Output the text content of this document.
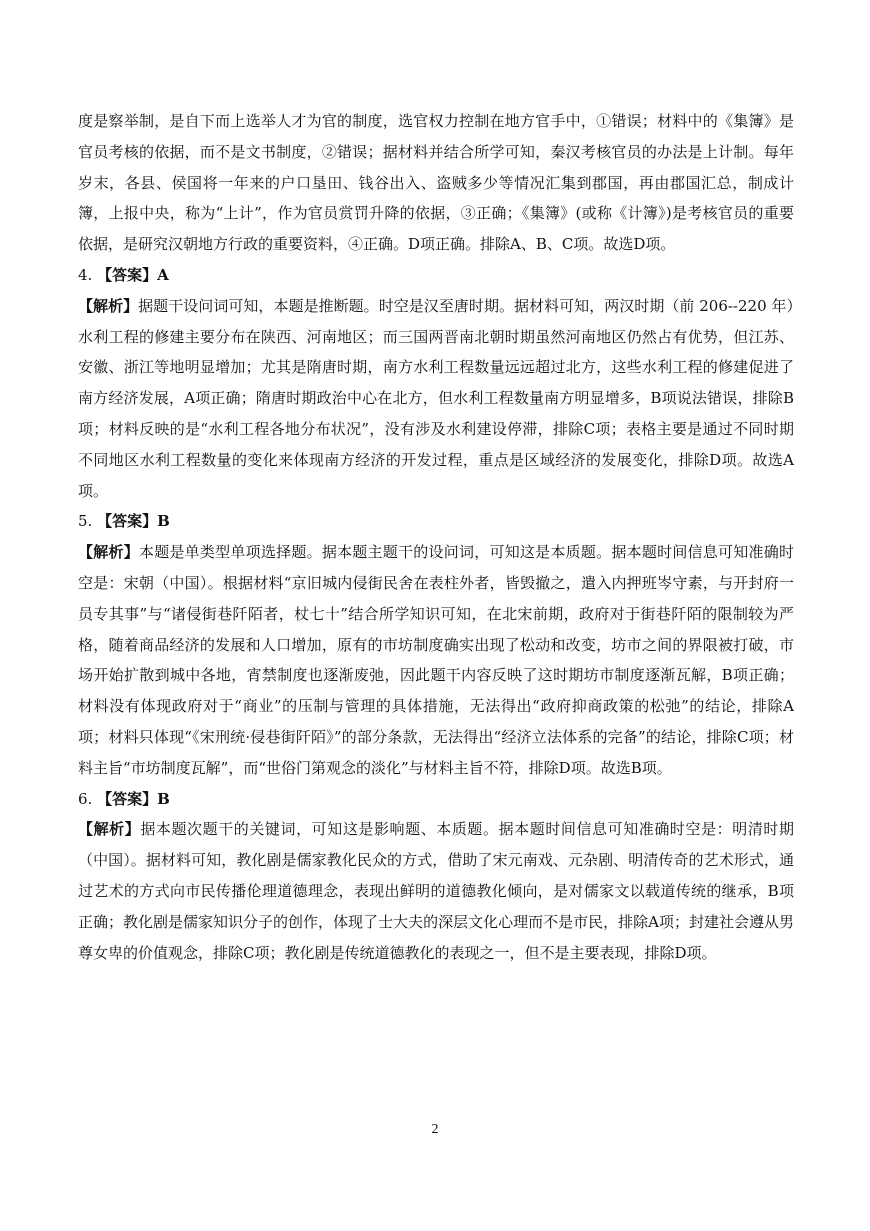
度是察举制，是自下而上选举人才为官的制度，选官权力控制在地方官手中，①错误；材料中的《集簿》是官员考核的依据，而不是文书制度，②错误；据材料并结合所学可知，秦汉考核官员的办法是上计制。每年岁末，各县、侯国将一年来的户口垦田、钱谷出入、盗贼多少等情况汇集到郡国，再由郡国汇总，制成计簿，上报中央，称为“上计”，作为官员赏罚升降的依据，③正确；《集簿》(或称《计簿》)是考核官员的重要依据，是研究汉朝地方行政的重要资料，④正确。D项正确。排除A、B、C项。故选D项。

4. 【答案】A

【解析】据题干设问词可知，本题是推断题。时空是汉至唐时期。据材料可知，两汉时期（前 206--220 年）水利工程的修建主要分布在陕西、河南地区；而三国两晋南北朝时期虽然河南地区仍然占有优势，但江苏、安徽、浙江等地明显增加；尤其是隋唐时期，南方水利工程数量远远超过北方，这些水利工程的修建促进了南方经济发展，A项正确；隋唐时期政治中心在北方，但水利工程数量南方明显增多，B项说法错误，排除B项；材料反映的是“水利工程各地分布状况”，没有涉及水利建设停滞，排除C项；表格主要是通过不同时期不同地区水利工程数量的变化来体现南方经济的开发过程，重点是区域经济的发展变化，排除D项。故选A项。

5. 【答案】B

【解析】本题是单类型单项选择题。据本题主题干的设问词，可知这是本质题。据本题时间信息可知准确时空是：宋朝（中国）。根据材料“京旧城内侵街民舍在表柱外者，皆毁撤之，遣入内押班岑守素，与开封府一员专其事”与“诸侵街巷阡陌者，杖七十”结合所学知识可知，在北宋前期，政府对于街巷阡陌的限制较为严格，随着商品经济的发展和人口增加，原有的市坊制度确实出现了松动和改变，坊市之间的界限被打破，市场开始扩散到城中各地，宵禁制度也逐渐废弛，因此题干内容反映了这时期坊市制度逐渐瓦解，B项正确；材料没有体现政府对于“商业”的压制与管理的具体措施，无法得出“政府抑商政策的松弛”的结论，排除A项；材料只体现“《宋刑统·侵巷街阡陌》”的部分条款，无法得出“经济立法体系的完备”的结论，排除C项；材料主旨“市坊制度瓦解”，而“世俗门第观念的淡化”与材料主旨不符，排除D项。故选B项。

6. 【答案】B

【解析】据本题次题干的关键词，可知这是影响题、本质题。据本题时间信息可知准确时空是：明清时期（中国）。据材料可知，教化剧是儒家教化民众的方式，借助了宋元南戏、元杂剧、明清传奇的艺术形式，通过艺术的方式向市民传播伦理道德理念，表现出鲜明的道德教化倾向，是对儒家文以载道传统的继承，B项正确；教化剧是儒家知识分子的创作，体现了士大夫的深层文化心理而不是市民，排除A项；封建社会遵从男尊女卑的价值观念，排除C项；教化剧是传统道德教化的表现之一，但不是主要表现，排除D项。

2
